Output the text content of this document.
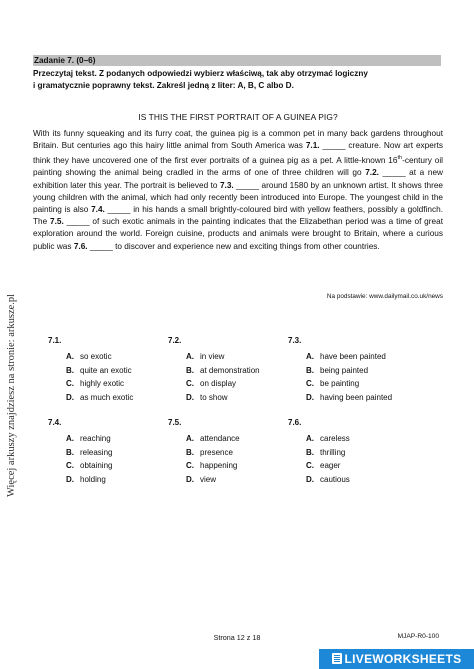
Więcej arkuszy znajdziesz na stronie: arkusze.pl
Zadanie 7. (0–6)
Przeczytaj tekst. Z podanych odpowiedzi wybierz właściwą, tak aby otrzymać logiczny
i gramatycznie poprawny tekst. Zakreśl jedną z liter: A, B, C albo D.
IS THIS THE FIRST PORTRAIT OF A GUINEA PIG?
With its funny squeaking and its furry coat, the guinea pig is a common pet in many back gardens throughout Britain. But centuries ago this hairy little animal from South America was 7.1. _____ creature. Now art experts think they have uncovered one of the first ever portraits of a guinea pig as a pet. A little-known 16th-century oil painting showing the animal being cradled in the arms of one of three children will go 7.2. _____ at a new exhibition later this year. The portrait is believed to 7.3. _____ around 1580 by an unknown artist. It shows three young children with the animal, which had only recently been introduced into Europe. The youngest child in the painting is also 7.4. _____ in his hands a small brightly-coloured bird with yellow feathers, possibly a goldfinch. The 7.5. _____ of such exotic animals in the painting indicates that the Elizabethan period was a time of great exploration around the world. Foreign cuisine, products and animals were brought to Britain, where a curious public was 7.6. _____ to discover and experience new and exciting things from other countries.
Na podstawie: www.dailymail.co.uk/news
7.1.
A. so exotic
B. quite an exotic
C. highly exotic
D. as much exotic
7.2.
A. in view
B. at demonstration
C. on display
D. to show
7.3.
A. have been painted
B. being painted
C. be painting
D. having been painted
7.4.
A. reaching
B. releasing
C. obtaining
D. holding
7.5.
A. attendance
B. presence
C. happening
D. view
7.6.
A. careless
B. thrilling
C. eager
D. cautious
Strona 12 z 18	MJAP-R0-100
LIVEWORKSHEETS
